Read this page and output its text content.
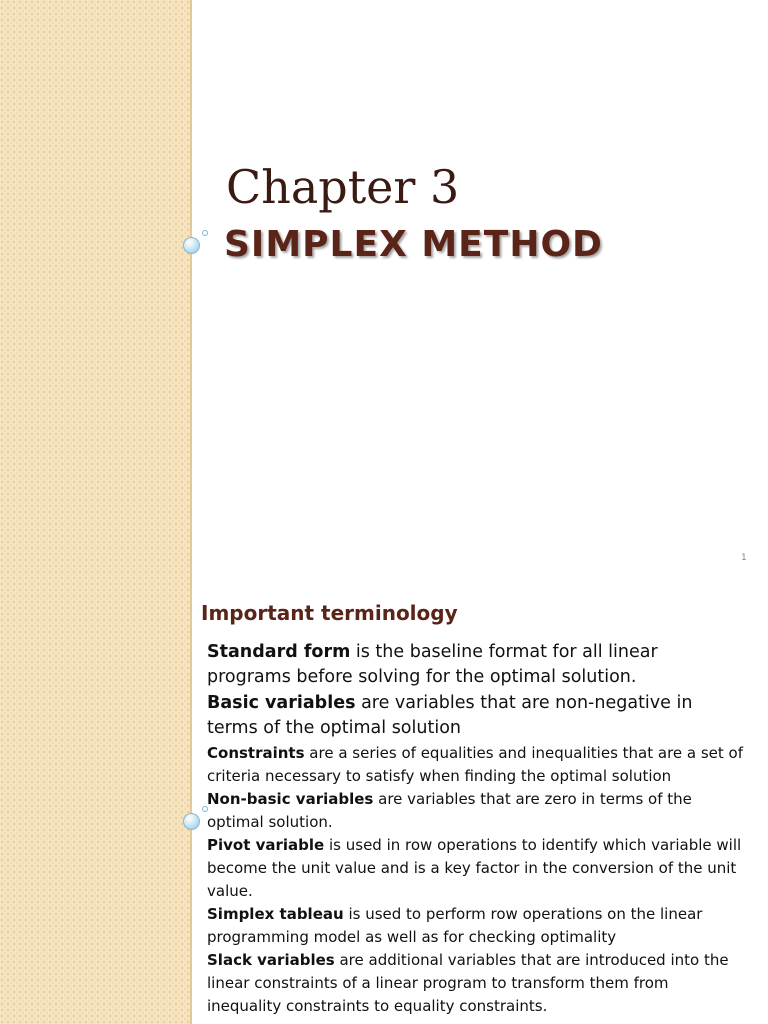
Chapter 3
SIMPLEX METHOD
1
Important terminology
Standard form is the baseline format for all linear programs before solving for the optimal solution.
Basic variables are variables that are non-negative in terms of the optimal solution
Constraints are a series of equalities and inequalities that are a set of criteria necessary to satisfy when finding the optimal solution
Non-basic variables are variables that are zero in terms of the optimal solution.
Pivot variable is used in row operations to identify which variable will become the unit value and is a key factor in the conversion of the unit value.
Simplex tableau is used to perform row operations on the linear programming model as well as for checking optimality
Slack variables are additional variables that are introduced into the linear constraints of a linear program to transform them from inequality constraints to equality constraints.
